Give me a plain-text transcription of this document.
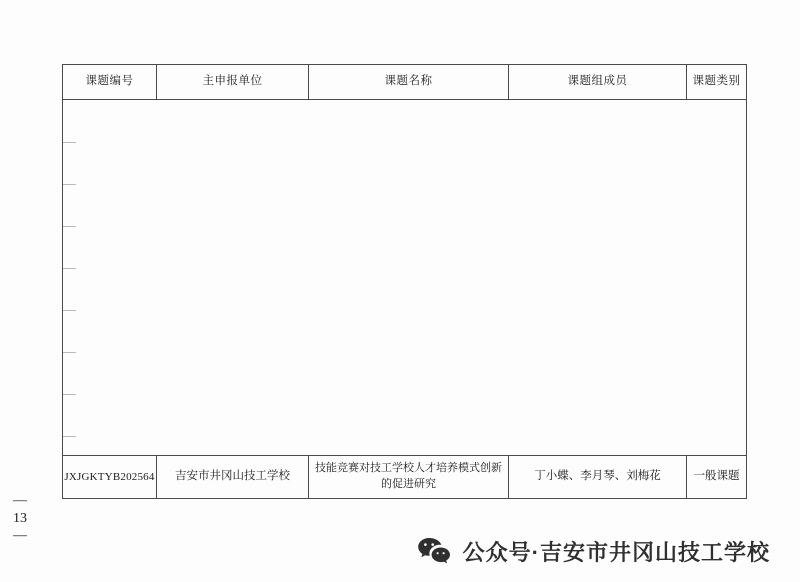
课题编号	主申报单位	课题名称	课题组成员	课题类别

JXJGKTYB202564	吉安市井冈山技工学校	技能竞赛对技工学校人才培养模式创新的促进研究	丁小蝶、李月琴、刘梅花	一般课题
—
13
—
公众号·吉安市井冈山技工学校
